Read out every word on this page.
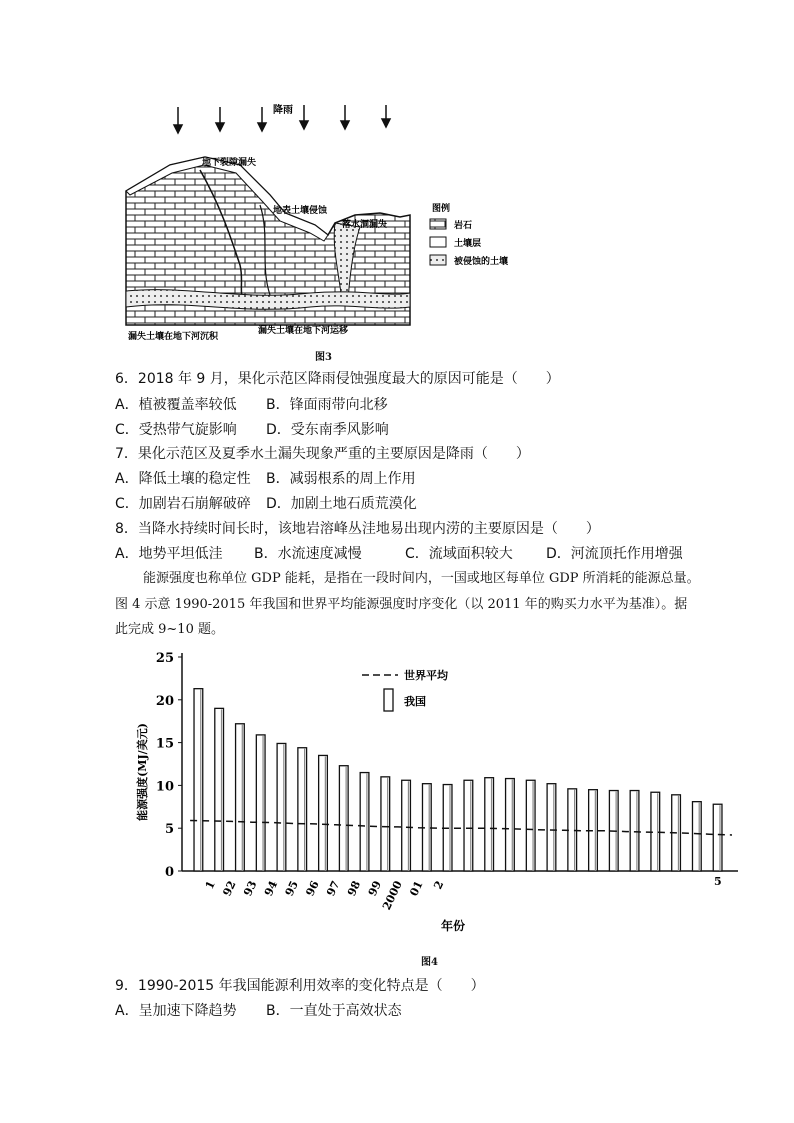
降雨
地下裂隙漏失
地表土壤侵蚀
落水洞漏失
漏失土壤在地下河沉积
漏失土壤在地下河运移
图例
岩石
土壤层
被侵蚀的土壤
图3
6．2018 年 9 月，果化示范区降雨侵蚀强度最大的原因可能是（　　）
A．植被覆盖率较低 B．锋面雨带向北移
C．受热带气旋影响 D．受东南季风影响
7．果化示范区及夏季水土漏失现象严重的主要原因是降雨（　　）
A．降低土壤的稳定性 B．减弱根系的周上作用
C．加剧岩石崩解破碎 D．加剧土地石质荒漠化
8．当降水持续时间长时，该地岩溶峰丛洼地易出现内涝的主要原因是（　　）
A．地势平坦低洼 B．水流速度减慢	C．流域面积较大 D．河流顶托作用增强
能源强度也称单位 GDP 能耗，是指在一段时间内，一国或地区每单位 GDP 所消耗的能源总量。
图 4 示意 1990-2015 年我国和世界平均能源强度时序变化（以 2011 年的购买力水平为基准）。据
此完成 9~10 题。
0
5
10
15
20
25
能源强度(MJ/美元)
年份
1 92 93 94 95 96 97 98 99
2000 01 2	5
世界平均
我国
图4
9．1990-2015 年我国能源利用效率的变化特点是（　　）
A．呈加速下降趋势 B．一直处于高效状态
